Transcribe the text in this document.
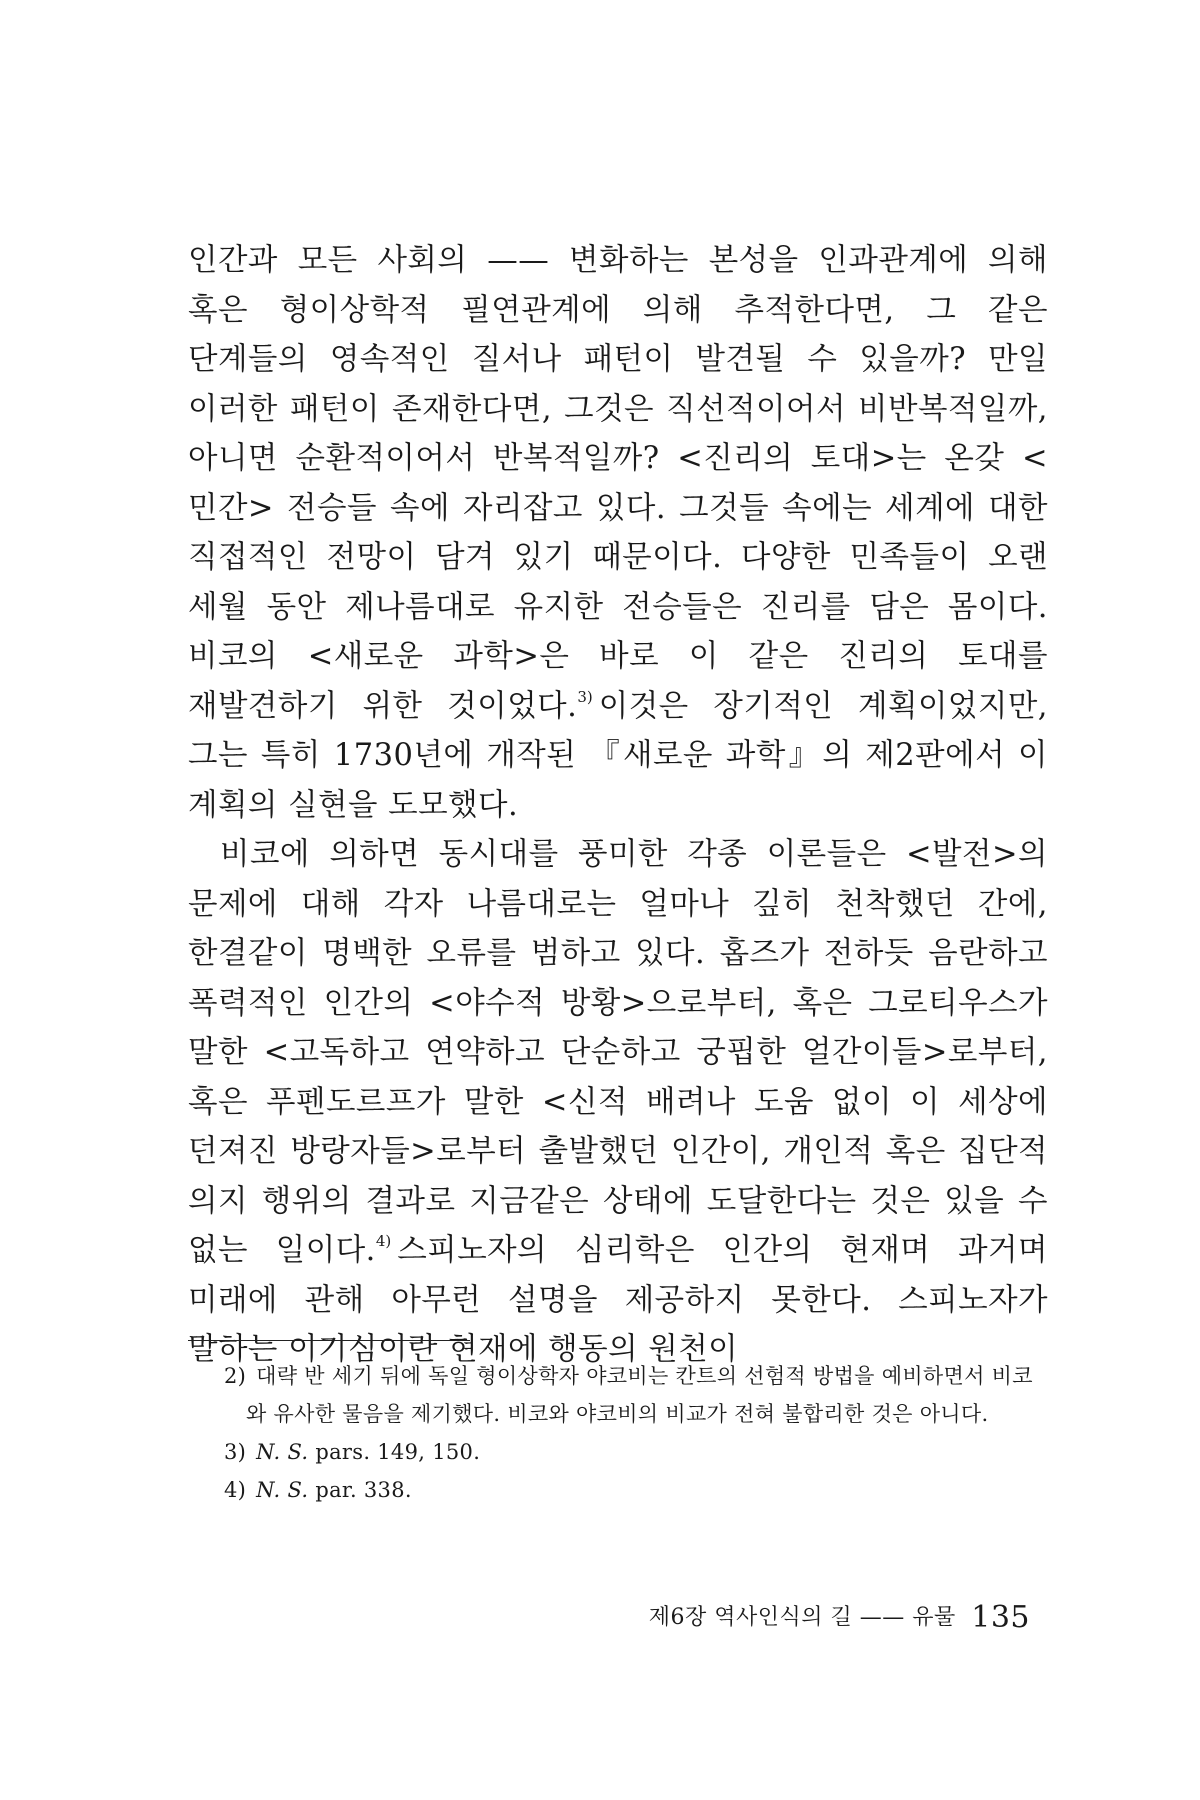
인간과 모든 사회의 —— 변화하는 본성을 인과관계에 의해 혹은 형이상학적 필연관계에 의해 추적한다면, 그 같은 단계들의 영속적인 질서나 패턴이 발견될 수 있을까? 만일 이러한 패턴이 존재한다면, 그것은 직선적이어서 비반복적일까, 아니면 순환적이어서 반복적일까? <진리의 토대>는 온갖 <민간> 전승들 속에 자리잡고 있다. 그것들 속에는 세계에 대한 직접적인 전망이 담겨 있기 때문이다. 다양한 민족들이 오랜 세월 동안 제나름대로 유지한 전승들은 진리를 담은 몸이다. 비코의 <새로운 과학>은 바로 이 같은 진리의 토대를 재발견하기 위한 것이었다.$^{3)}$ 이것은 장기적인 계획이었지만, 그는 특히 1730년에 개작된 『새로운 과학』의 제2판에서 이 계획의 실현을 도모했다.

비코에 의하면 동시대를 풍미한 각종 이론들은 <발전>의 문제에 대해 각자 나름대로는 얼마나 깊히 천착했던 간에, 한결같이 명백한 오류를 범하고 있다. 홉즈가 전하듯 음란하고 폭력적인 인간의 <야수적 방황>으로부터, 혹은 그로티우스가 말한 <고독하고 연약하고 단순하고 궁핍한 얼간이들>로부터, 혹은 푸펜도르프가 말한 <신적 배려나 도움 없이 이 세상에 던져진 방랑자들>로부터 출발했던 인간이, 개인적 혹은 집단적 의지 행위의 결과로 지금같은 상태에 도달한다는 것은 있을 수 없는 일이다.$^{4)}$ 스피노자의 심리학은 인간의 현재며 과거며 미래에 관해 아무런 설명을 제공하지 못한다. 스피노자가 말하는 이기심이란 현재에 행동의 원천이

2) 대략 반 세기 뒤에 독일 형이상학자 야코비는 칸트의 선험적 방법을 예비하면서 비코와 유사한 물음을 제기했다. 비코와 야코비의 비교가 전혀 불합리한 것은 아니다.

3) N. S. pars. 149, 150.

4) N. S. par. 338.

제6장 역사인식의 길 —— 유물 135
